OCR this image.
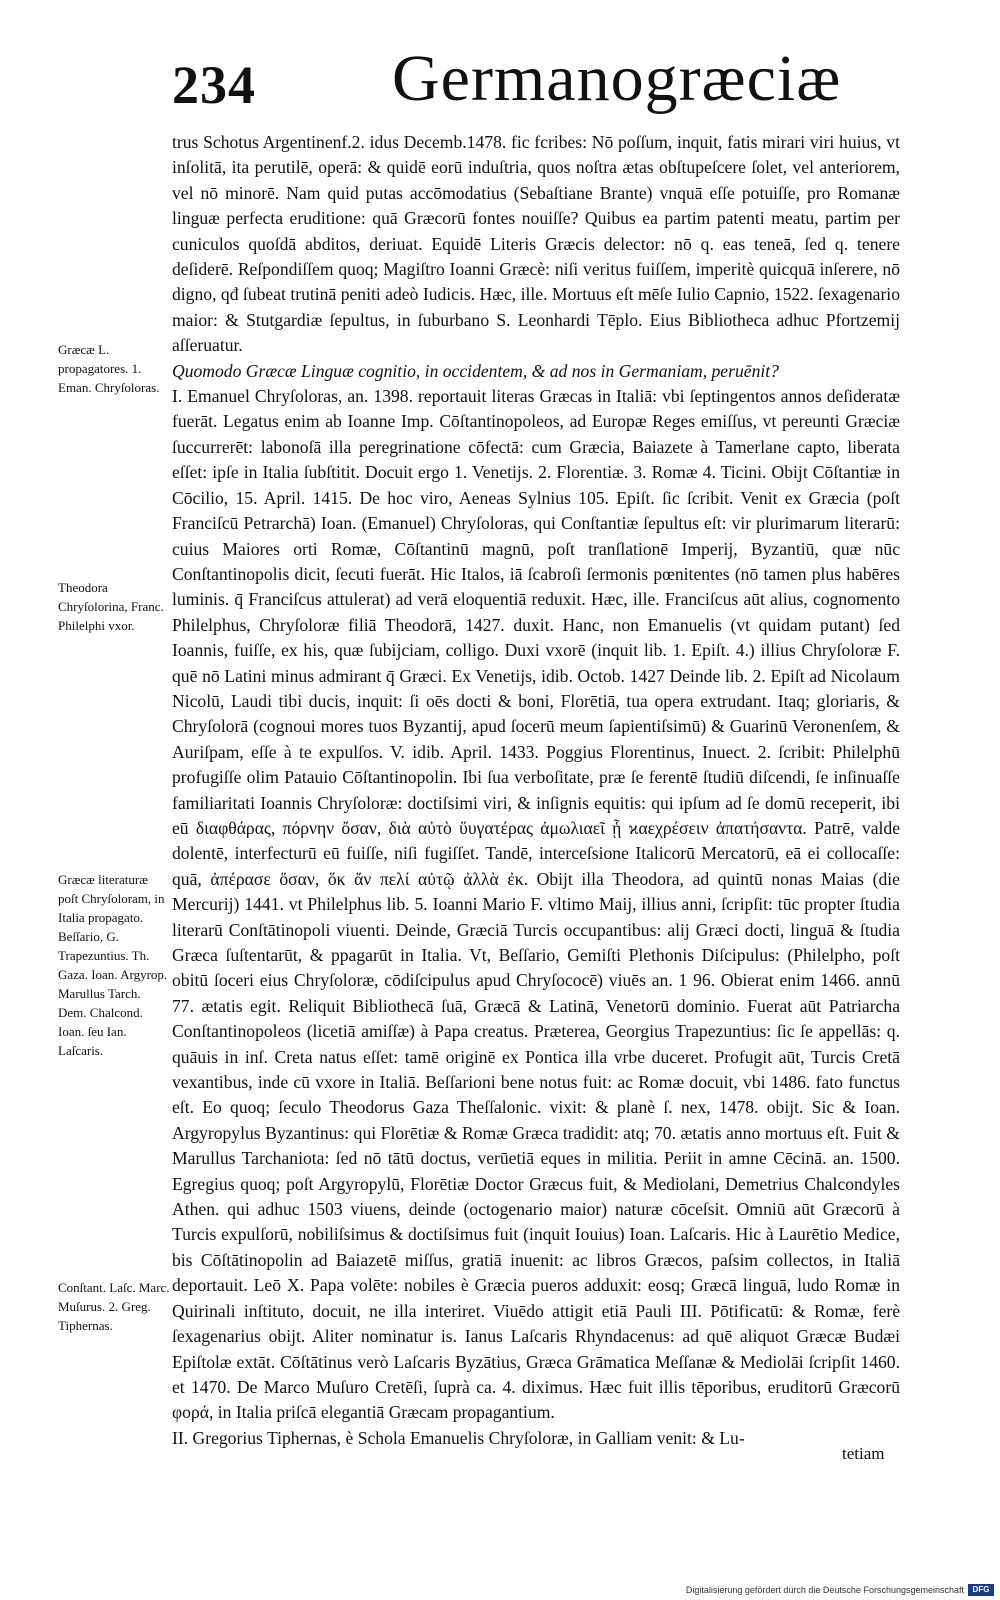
234 Germanogræciæ

trus Schotus Argentinenf.2. idus Decemb.1478. fic fcribes: Nō poſſum, inquit, fatis mirari viri huius, vt inſolitā, ita perutilē, operā: & quidē eorū induſtria, quos noſtra ætas obſtupeſcere ſolet, vel anteriorem, vel nō minorē. Nam quid putas accōmodatius (Sebaſtiane Brante) vnquā eſſe potuiſſe, pro Romanæ linguæ perfecta eruditione: quā Græcorū fontes nouiſſe? Quibus ea partim patenti meatu, partim per cuniculos quoſdā abditos, deriuat. Equidē Literis Græcis delector: nō q. eas teneā, ſed q. tenere deſiderē. Reſpondiſſem quoq; Magiſtro Ioanni Græcè: niſi veritus fuiſſem, imperitè quicquā inſerere, nō digno, qđ ſubeat trutinā peniti adeò Iudicis. Hæc, ille. Mortuus eſt mēſe Iulio Capnio, 1522. ſexagenario maior: & Stutgardiæ ſepultus, in ſuburbano S. Leonhardi Tēplo. Eius Bibliotheca adhuc Pfortzemij aſſeruatur.

Quomodo Græcæ Linguæ cognitio, in occidentem, & ad nos in Germaniam, peruēnit?

I. Emanuel Chryſoloras, an. 1398. reportauit literas Græcas in Italiā: vbi ſeptingentos annos deſideratæ fuerāt. Legatus enim ab Ioanne Imp. Cōſtantinopoleos, ad Europæ Reges emiſſus, vt pereunti Græciæ ſuccurrerēt: labonoſā illa peregrinatione cōfectā: cum Græcia, Baiazete à Tamerlane capto, liberata eſſet: ipſe in Italia ſubſtitit. Docuit ergo 1. Venetijs. 2. Florentiæ. 3. Romæ 4. Ticini. Obijt Cōſtantiæ in Cōcilio, 15. April. 1415. De hoc viro, Aeneas Sylnius 105. Epiſt. ſic ſcribit. Venit ex Græcia (poſt Franciſcū Petrarchā) Ioan. (Emanuel) Chryſoloras, qui Conſtantiæ ſepultus eſt: vir plurimarum literarū: cuius Maiores orti Romæ, Cōſtantinū magnū, poſt tranſlationē Imperij, Byzantiū, quæ nūc Conſtantinopolis dicit, ſecuti fuerāt. Hic Italos, iā ſcabroſi ſermonis pœnitentes (nō tamen plus habēres luminis. q̄ Franciſcus attulerat) ad verā eloquentiā reduxit. Hæc, ille. Franciſcus aūt alius, cognomento Philelphus, Chryſoloræ filiā Theodorā, 1427. duxit. Hanc, non Emanuelis (vt quidam putant) ſed Ioannis, fuiſſe, ex his, quæ ſubijciam, colligo. Duxi vxorē (inquit lib. 1. Epiſt. 4.) illius Chryſoloræ F. quē nō Latini minus admirant q̄ Græci. Ex Venetijs, idib. Octob. 1427 Deinde lib. 2. Epiſt ad Nicolaum Nicolū, Laudi tibi ducis, inquit: ſi oēs docti & boni, Florētiā, tua opera extrudant. Itaq; gloriaris, & Chryſolorā (cognoui mores tuos Byzantij, apud ſocerū meum ſapientiſsimū) & Guarinū Veronenſem, & Auriſpam, eſſe à te expulſos. V. idib. April. 1433. Poggius Florentinus, Inuect. 2. ſcribit: Philelphū profugiſſe olim Patauio Cōſtantinopolin. Ibi ſua verboſitate, præ ſe ferentē ſtudiū diſcendi, ſe inſinuaſſe familiaritati Ioannis Chryſoloræ: doctiſsimi viri, & inſignis equitis: qui ipſum ad ſe domū receperit, ibi eū διαφθάρας, πόρνην ὄσαν, διὰ αὐτὸ ὕυγατέρας ἀμωλιαεῖ ᾗ ϰαεχρέσειν ἀπατήσαντα. Patrē, valde dolentē, interfecturū eū fuiſſe, niſi fugiſſet. Tandē, interceſsione Italicorū Mercatorū, eā ei collocaſſe: quā, ἀπέρασε ὅσαν, ὅκ ἄν πελί αὐτῷ ἀλλὰ ἐκ. Obijt illa Theodora, ad quintū nonas Maias (die Mercurij) 1441. vt Philelphus lib. 5. Ioanni Mario F. vltimo Maij, illius anni, ſcripſit: tūc propter ſtudia literarū Conſtātinopoli viuenti. Deinde, Græciā Turcis occupantibus: alij Græci docti, linguā & ſtudia Græca ſuſtentarūt, & ppagarūt in Italia. Vt, Beſſario, Gemiſti Plethonis Diſcipulus: (Philelpho, poſt obitū ſoceri eius Chryſoloræ, cōdiſcipulus apud Chryſococē) viuēs an. 1 96. Obierat enim 1466. annū 77. ætatis egit. Reliquit Bibliothecā ſuā, Græcā & Latinā, Venetorū dominio. Fuerat aūt Patriarcha Conſtantinopoleos (licetiā amiſſæ) à Papa creatus. Præterea, Georgius Trapezuntius: ſic ſe appellās: q. quāuis in inſ. Creta natus eſſet: tamē originē ex Pontica illa vrbe duceret. Profugit aūt, Turcis Cretā vexantibus, inde cū vxore in Italiā. Beſſarioni bene notus fuit: ac Romæ docuit, vbi 1486. fato functus eſt. Eo quoq; ſeculo Theodorus Gaza Theſſalonic. vixit: & planè ſ. nex, 1478. obijt. Sic & Ioan. Argyropylus Byzantinus: qui Florētiæ & Romæ Græca tradidit: atq; 70. ætatis anno mortuus eſt. Fuit & Marullus Tarchaniota: ſed nō tātū doctus, verūetiā eques in militia. Periit in amne Cēcinā. an. 1500. Egregius quoq; poſt Argyropylū, Florētiæ Doctor Græcus fuit, & Mediolani, Demetrius Chalcondyles Athen. qui adhuc 1503 viuens, deinde (octogenario maior) naturæ cōceſsit. Omniū aūt Græcorū à Turcis expulſorū, nobiliſsimus & doctiſsimus fuit (inquit Iouius) Ioan. Laſcaris. Hic à Laurētio Medice, bis Cōſtātinopolin ad Baiazetē miſſus, gratiā inuenit: ac libros Græcos, paſsim collectos, in Italiā deportauit. Leō X. Papa volēte: nobiles è Græcia pueros adduxit: eosq; Græcā linguā, ludo Romæ in Quirinali inſtituto, docuit, ne illa interiret. Viuēdo attigit etiā Pauli III. Pōtificatū: & Romæ, ferè ſexagenarius obijt. Aliter nominatur is. Ianus Laſcaris Rhyndacenus: ad quē aliquot Græcæ Budæi Epiſtolæ extāt. Cōſtātinus verò Laſcaris Byzātius, Græca Grāmatica Meſſanæ & Mediolāi ſcripſit 1460. et 1470. De Marco Muſuro Cretēſi, ſuprà ca. 4. diximus. Hæc fuit illis tēporibus, eruditorū Græcorū φορά, in Italia priſcā elegantiā Græcam propagantium.

II. Gregorius Tiphernas, è Schola Emanuelis Chryſoloræ, in Galliam venit: & Lu-

Græcæ L. propagatores. 1. Eman. Chryſoloras.
Theodora Chryſolorina, Franc. Philelphi vxor.
Græcæ literaturæ poſt Chryſoloram, in Italia propagato. Beſſario, G. Trapezuntius. Th. Gaza. Ioan. Argyrop. Marullus Tarch. Dem. Chalcond. Ioan. ſeu Ian. Laſcaris.
Conſtant. Laſc. Marc. Muſurus. 2. Greg. Tiphernas.
tetiam
Digitalisierung gefördert durch die Deutsche Forschungsgemeinschaft	DFG
